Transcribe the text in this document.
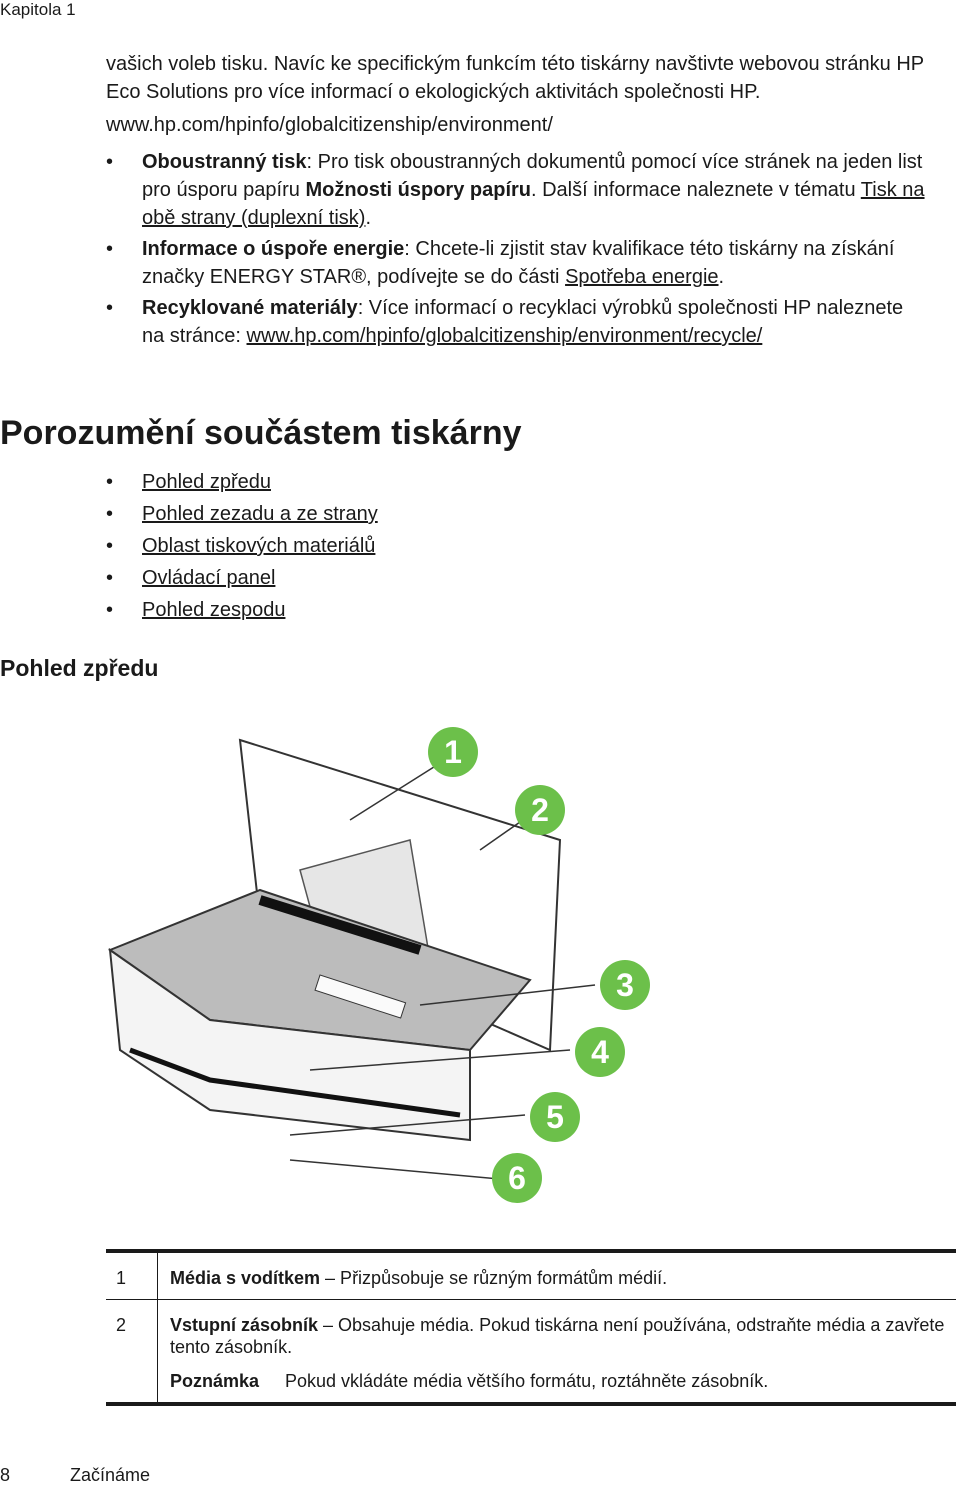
Kapitola 1
vašich voleb tisku. Navíc ke specifickým funkcím této tiskárny navštivte webovou stránku HP Eco Solutions pro více informací o ekologických aktivitách společnosti HP.
www.hp.com/hpinfo/globalcitizenship/environment/
• Oboustranný tisk: Pro tisk oboustranných dokumentů pomocí více stránek na jeden list pro úsporu papíru Možnosti úspory papíru. Další informace naleznete v tématu Tisk na obě strany (duplexní tisk).
• Informace o úspoře energie: Chcete-li zjistit stav kvalifikace této tiskárny na získání značky ENERGY STAR®, podívejte se do části Spotřeba energie.
• Recyklované materiály: Více informací o recyklaci výrobků společnosti HP naleznete na stránce: www.hp.com/hpinfo/globalcitizenship/environment/recycle/
Porozumění součástem tiskárny
• Pohled zpředu
• Pohled zezadu a ze strany
• Oblast tiskových materiálů
• Ovládací panel
• Pohled zespodu
Pohled zpředu
1
2
3
4
5
6
1	Média s vodítkem – Přizpůsobuje se různým formátům médií.
2	Vstupní zásobník – Obsahuje média. Pokud tiskárna není používána, odstraňte média a zavřete tento zásobník.
Poznámka	Pokud vkládáte média většího formátu, roztáhněte zásobník.
8	Začínáme
